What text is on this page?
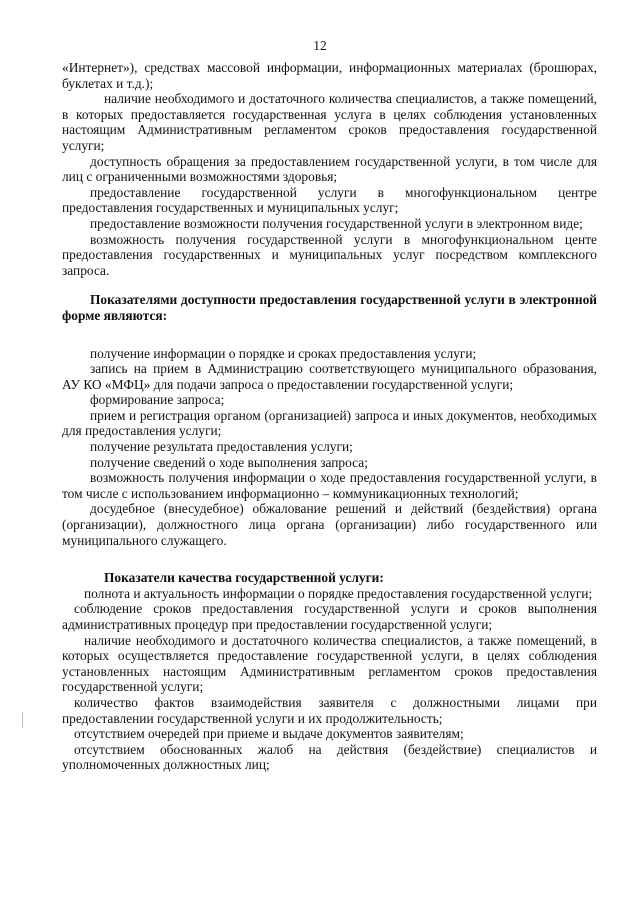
12

«Интернет»), средствах массовой информации, информационных материалах (брошюрах, буклетах и т.д.);

наличие необходимого и достаточного количества специалистов, а также помещений, в которых предоставляется государственная услуга в целях соблюдения установленных настоящим Административным регламентом сроков предоставления государственной услуги;

доступность обращения за предоставлением государственной услуги, в том числе для лиц с ограниченными возможностями здоровья;

предоставление государственной услуги в многофункциональном центре предоставления государственных и муниципальных услуг;

предоставление возможности получения государственной услуги в электронном виде;

возможность получения государственной услуги в многофункциональном центе предоставления государственных и муниципальных услуг посредством комплексного запроса.

Показателями доступности предоставления государственной услуги в электронной форме являются:

получение информации о порядке и сроках предоставления услуги;

запись на прием в Администрацию соответствующего муниципального образования, АУ КО «МФЦ» для подачи запроса о предоставлении государственной услуги;

формирование запроса;

прием и регистрация органом (организацией) запроса и иных документов, необходимых для предоставления услуги;

получение результата предоставления услуги;

получение сведений о ходе выполнения запроса;

возможность получения информации о ходе предоставления государственной услуги, в том числе с использованием информационно – коммуникационных технологий;

досудебное (внесудебное) обжалование решений и действий (бездействия) органа (организации), должностного лица органа (организации) либо государственного или муниципального служащего.

Показатели качества государственной услуги:

полнота и актуальность информации о порядке предоставления государственной услуги;

соблюдение сроков предоставления государственной услуги и сроков выполнения административных процедур при предоставлении государственной услуги;

наличие необходимого и достаточного количества специалистов, а также помещений, в которых осуществляется предоставление государственной услуги, в целях соблюдения установленных настоящим Административным регламентом сроков предоставления государственной услуги;

количество фактов взаимодействия заявителя с должностными лицами при предоставлении государственной услуги и их продолжительность;

отсутствием очередей при приеме и выдаче документов заявителям;

отсутствием обоснованных жалоб на действия (бездействие) специалистов и уполномоченных должностных лиц;
